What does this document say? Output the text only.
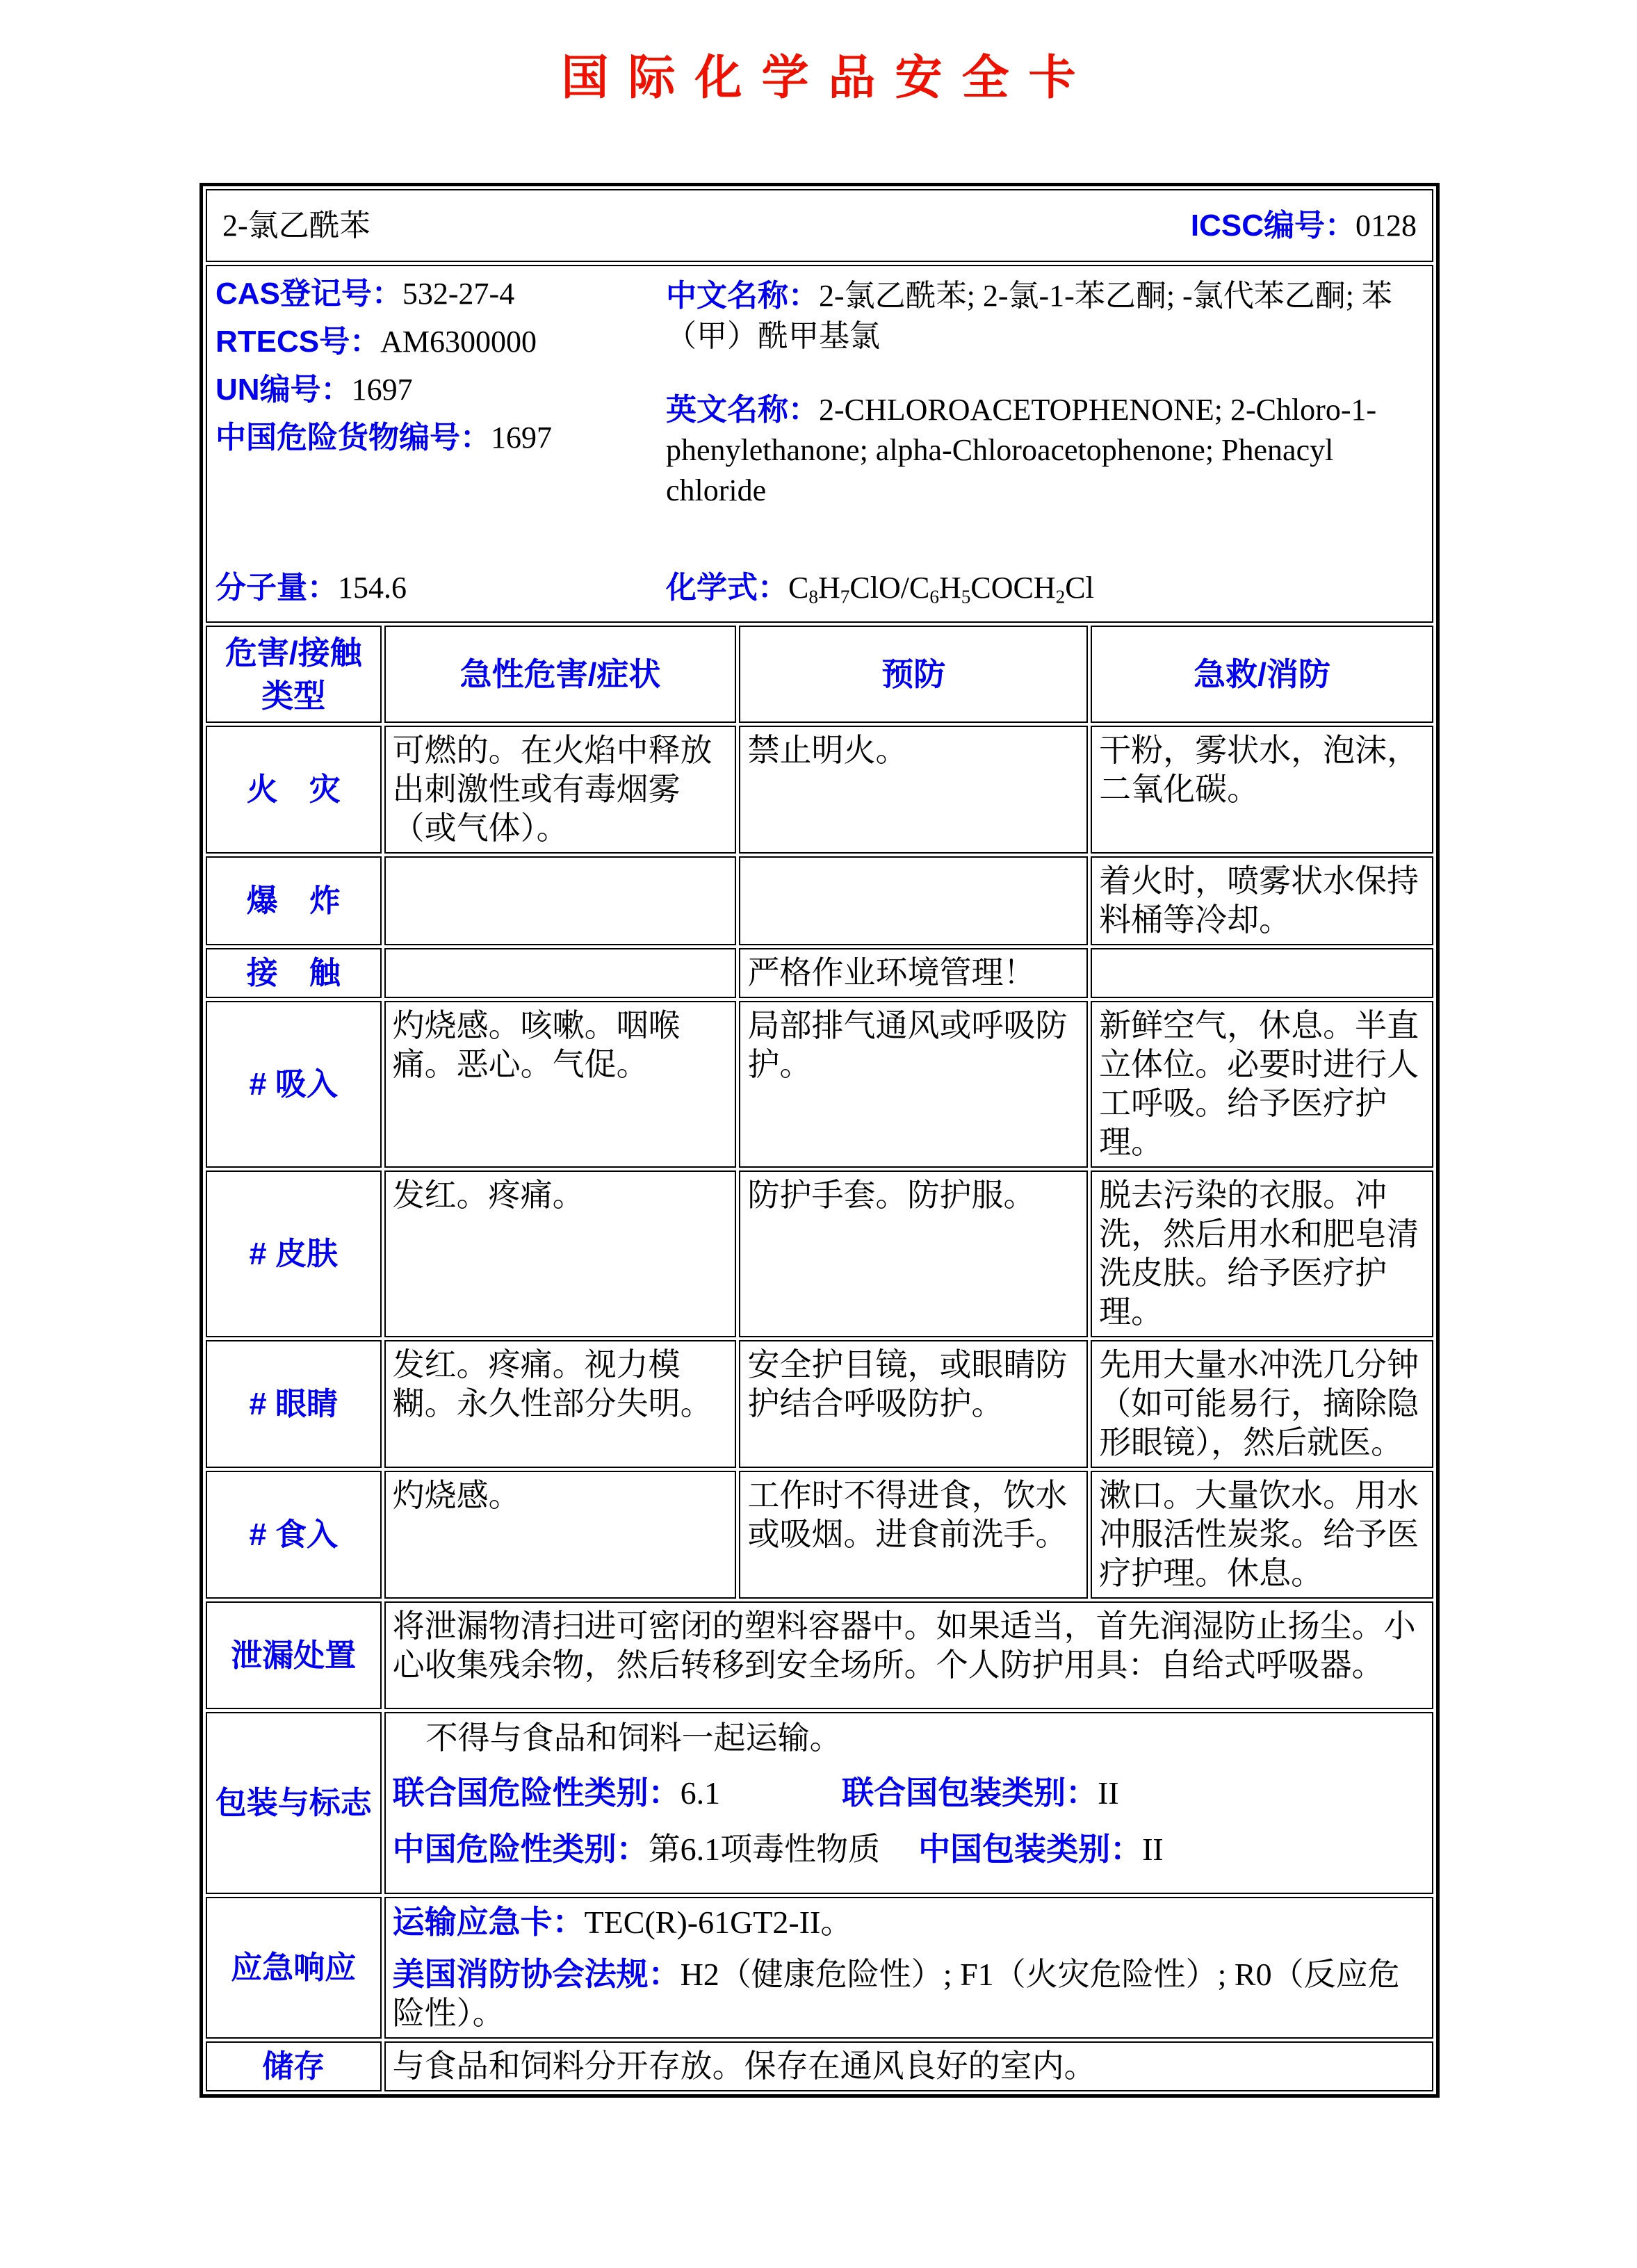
国际化学品安全卡
2-氯乙酰苯 ICSC编号：0128			

CAS登记号：532-27-4
RTECS号：AM6300000
UN编号：1697
中国危险货物编号：1697
中文名称：2-氯乙酰苯; 2-氯-1-苯乙酮; -氯代苯乙酮; 苯（甲）酰甲基氯
英文名称：2-CHLOROACETOPHENONE; 2-Chloro-1-phenylethanone; alpha-Chloroacetophenone; Phenacyl chloride
分子量：154.6	化学式：$C_8H_7ClO/C_6H_5COCH_2Cl$

危害/接触类型	急性危害/症状	预防	急救/消防
火　灾	可燃的。在火焰中释放出刺激性或有毒烟雾（或气体）。	禁止明火。	干粉，雾状水，泡沫，二氧化碳。
爆　炸			着火时，喷雾状水保持料桶等冷却。
接　触		严格作业环境管理！	
# 吸入	灼烧感。咳嗽。咽喉痛。恶心。气促。	局部排气通风或呼吸防护。	新鲜空气，休息。半直立体位。必要时进行人工呼吸。给予医疗护理。
# 皮肤	发红。疼痛。	防护手套。防护服。	脱去污染的衣服。冲洗，然后用水和肥皂清洗皮肤。给予医疗护理。
# 眼睛	发红。疼痛。视力模糊。永久性部分失明。	安全护目镜，或眼睛防护结合呼吸防护。	先用大量水冲洗几分钟（如可能易行，摘除隐形眼镜），然后就医。
# 食入	灼烧感。	工作时不得进食，饮水或吸烟。进食前洗手。	漱口。大量饮水。用水冲服活性炭浆。给予医疗护理。休息。
泄漏处置	将泄漏物清扫进可密闭的塑料容器中。如果适当，首先润湿防止扬尘。小心收集残余物，然后转移到安全场所。个人防护用具：自给式呼吸器。		
包装与标志	不得与食品和饲料一起运输。
联合国危险性类别：6.1 联合国包装类别：II
中国危险性类别：第6.1项毒性物质 中国包装类别：II		

应急响应	运输应急卡：TEC(R)-61GT2-II。
美国消防协会法规：H2（健康危险性）; F1（火灾危险性）; R0（反应危险性）。		

储存	与食品和饲料分开存放。保存在通风良好的室内。		
